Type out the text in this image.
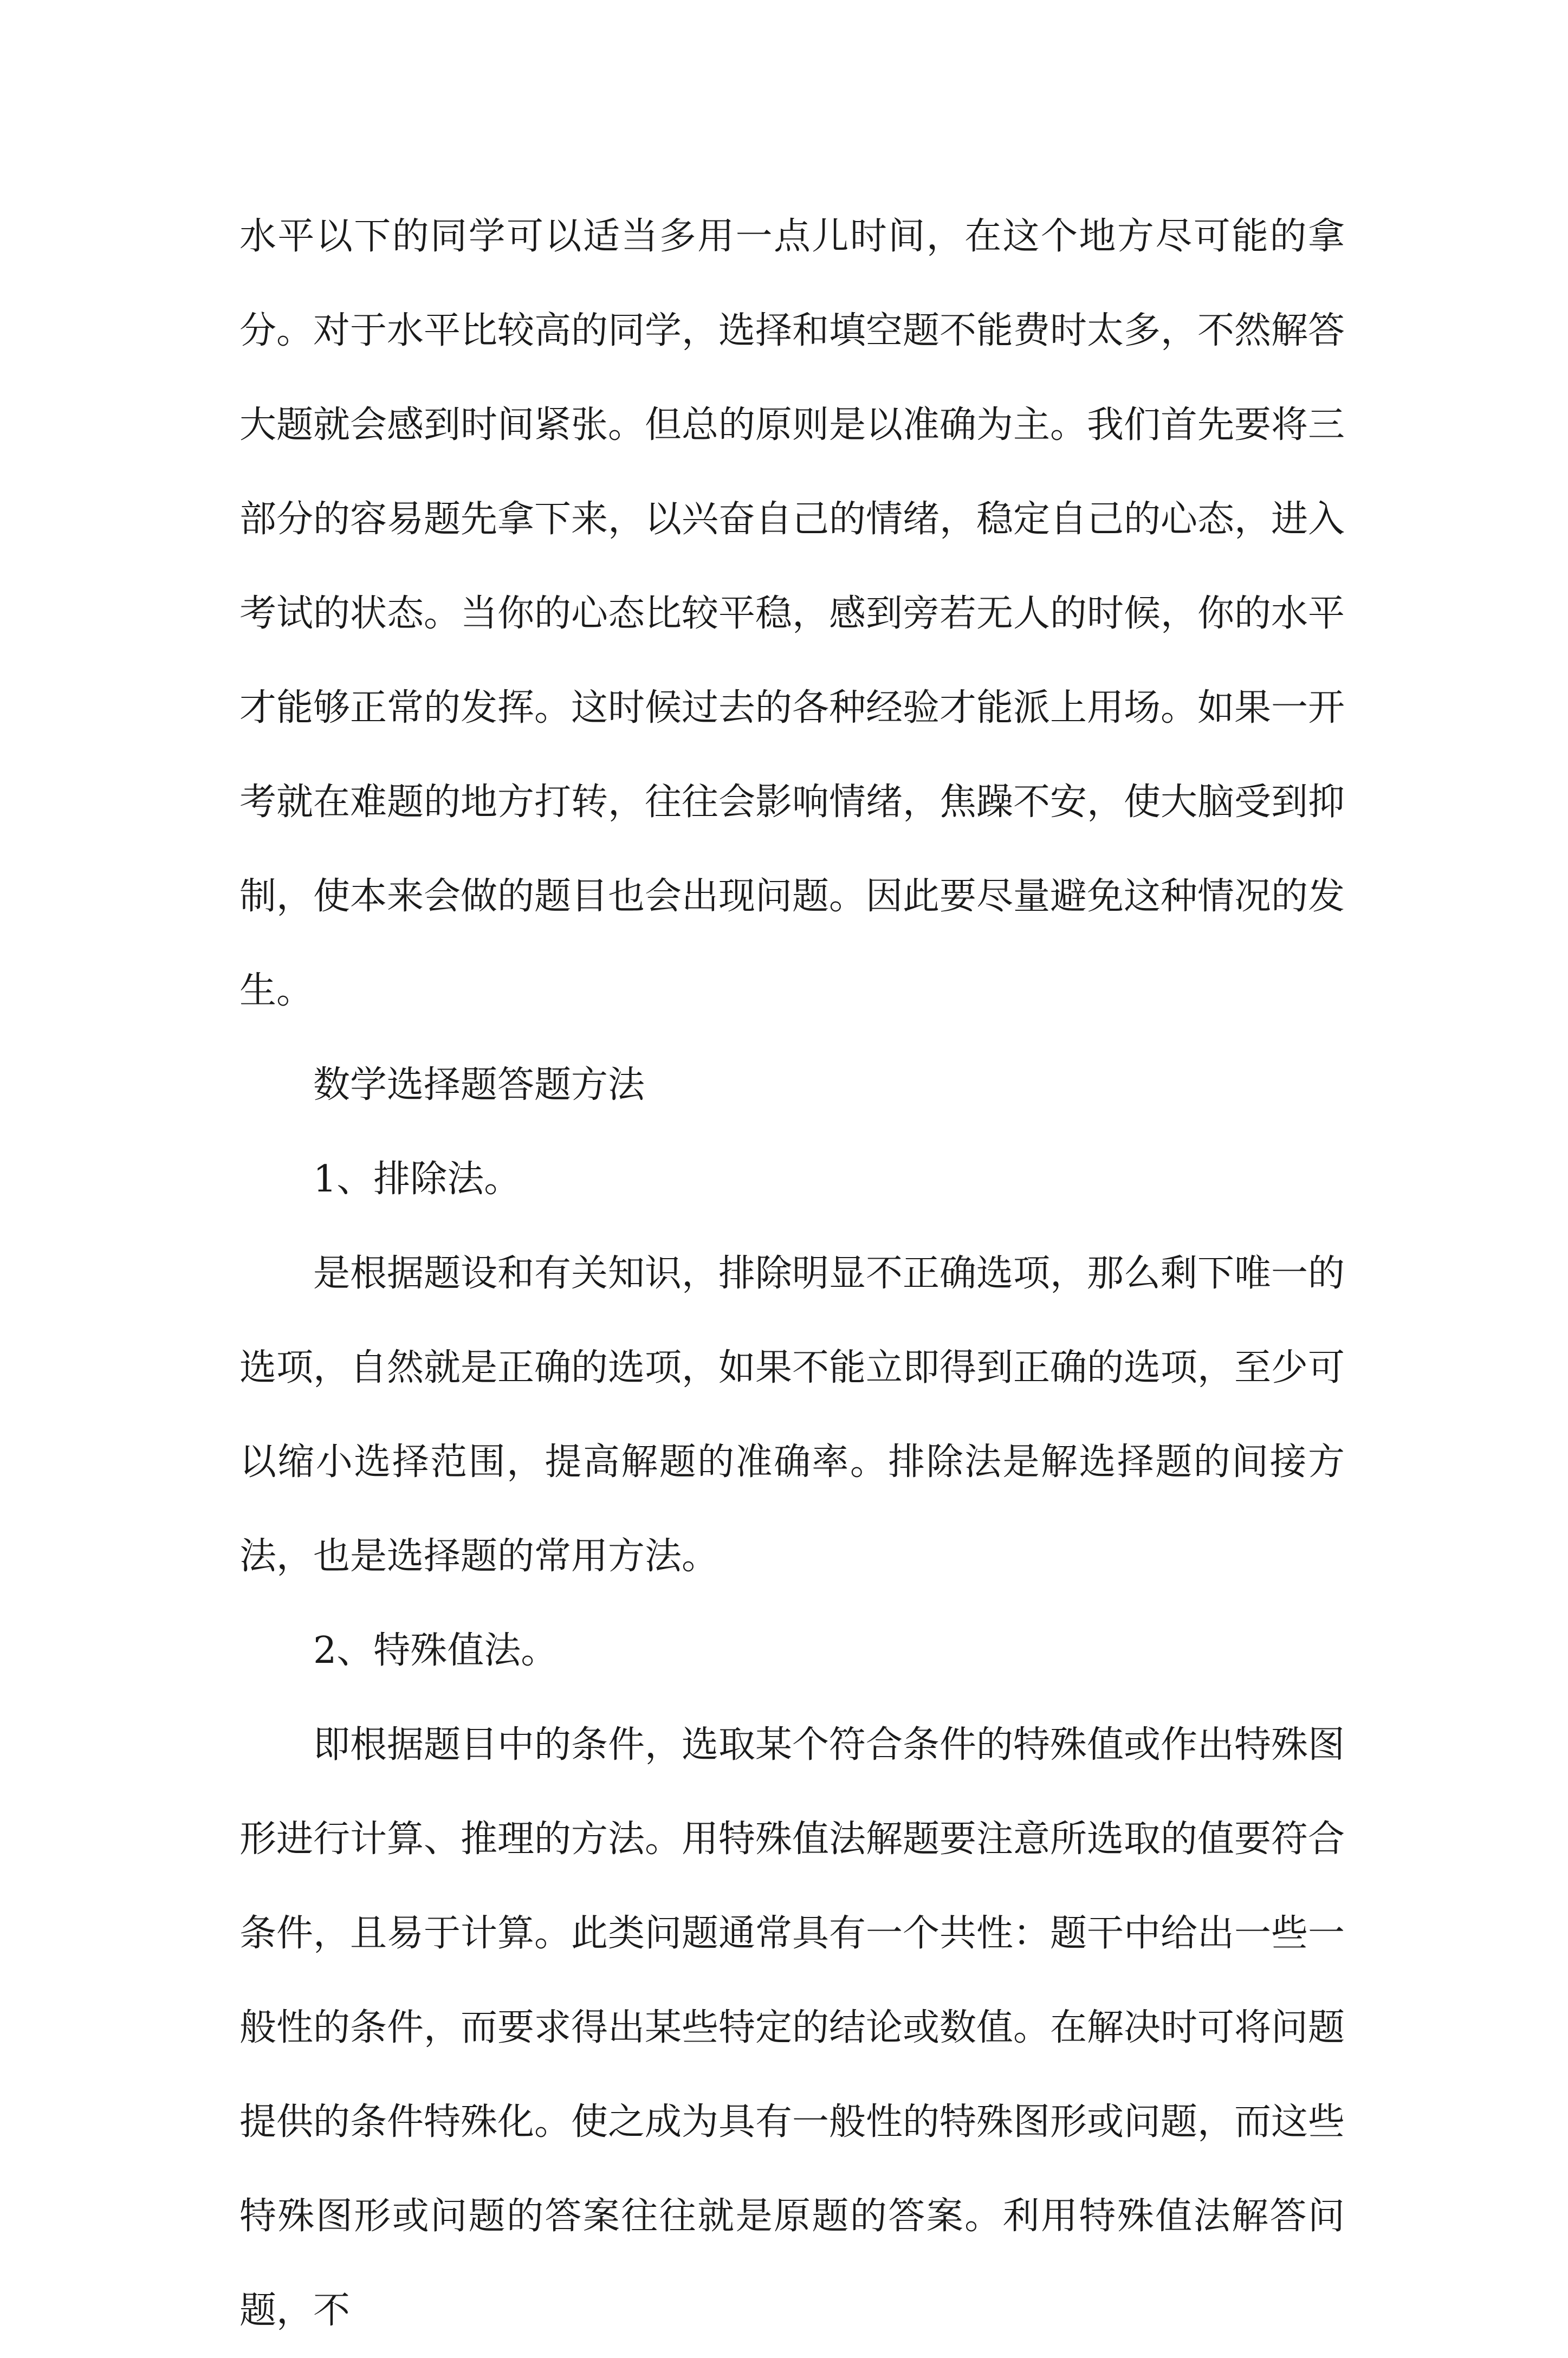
水平以下的同学可以适当多用一点儿时间，在这个地方尽可能的拿分。对于水平比较高的同学，选择和填空题不能费时太多，不然解答大题就会感到时间紧张。但总的原则是以准确为主。我们首先要将三部分的容易题先拿下来，以兴奋自己的情绪，稳定自己的心态，进入考试的状态。当你的心态比较平稳，感到旁若无人的时候，你的水平才能够正常的发挥。这时候过去的各种经验才能派上用场。如果一开考就在难题的地方打转，往往会影响情绪，焦躁不安，使大脑受到抑制，使本来会做的题目也会出现问题。因此要尽量避免这种情况的发生。

数学选择题答题方法

1、排除法。

是根据题设和有关知识，排除明显不正确选项，那么剩下唯一的选项，自然就是正确的选项，如果不能立即得到正确的选项，至少可以缩小选择范围，提高解题的准确率。排除法是解选择题的间接方法，也是选择题的常用方法。

2、特殊值法。

即根据题目中的条件，选取某个符合条件的特殊值或作出特殊图形进行计算、推理的方法。用特殊值法解题要注意所选取的值要符合条件，且易于计算。此类问题通常具有一个共性：题干中给出一些一般性的条件，而要求得出某些特定的结论或数值。在解决时可将问题提供的条件特殊化。使之成为具有一般性的特殊图形或问题，而这些特殊图形或问题的答案往往就是原题的答案。利用特殊值法解答问题，不
